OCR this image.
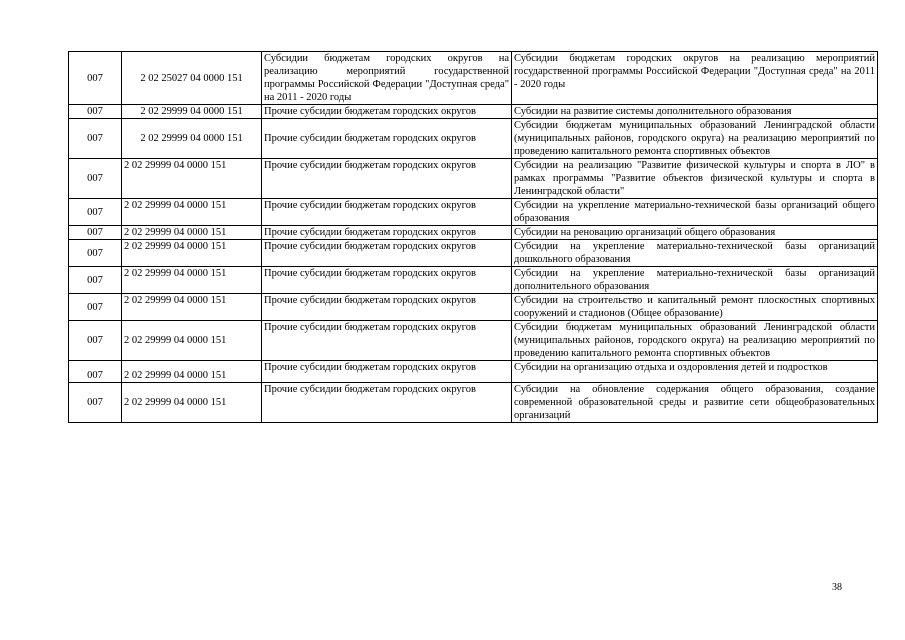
007	2 02 25027 04 0000 151	Субсидии бюджетам городских округов на реализацию мероприятий государственной программы Российской Федерации "Доступная среда" на 2011 - 2020 годы	Субсидии бюджетам городских округов на реализацию мероприятий государственной программы Российской Федерации "Доступная среда" на 2011 - 2020 годы
007	2 02 29999 04 0000 151	Прочие субсидии бюджетам городских округов	Субсидии на развитие системы дополнительного образования
007	2 02 29999 04 0000 151	Прочие субсидии бюджетам городских округов	Субсидии бюджетам муниципальных образований Ленинградской области (муниципальных районов, городского округа) на реализацию мероприятий по проведению капитального ремонта спортивных объектов
007	2 02 29999 04 0000 151	Прочие субсидии бюджетам городских округов	Субсидии на реализацию "Развитие физической культуры и спорта в ЛО" в рамках программы "Развитие объектов физической культуры и спорта в Ленинградской области"
007	2 02 29999 04 0000 151	Прочие субсидии бюджетам городских округов	Субсидии на укрепление материально-технической базы организаций общего образования
007	2 02 29999 04 0000 151	Прочие субсидии бюджетам городских округов	Субсидии на реновацию организаций общего образования
007	2 02 29999 04 0000 151	Прочие субсидии бюджетам городских округов	Субсидии на укрепление материально-технической базы организаций дошкольного образования
007	2 02 29999 04 0000 151	Прочие субсидии бюджетам городских округов	Субсидии на укрепление материально-технической базы организаций дополнительного образования
007	2 02 29999 04 0000 151	Прочие субсидии бюджетам городских округов	Субсидии на строительство и капитальный ремонт плоскостных спортивных сооружений и стадионов (Общее образование)
007	2 02 29999 04 0000 151	Прочие субсидии бюджетам городских округов	Субсидии бюджетам муниципальных образований Ленинградской области (муниципальных районов, городского округа) на реализацию мероприятий по проведению капитального ремонта спортивных объектов
007	2 02 29999 04 0000 151	Прочие субсидии бюджетам городских округов	Субсидии на организацию отдыха и оздоровления детей и подростков
007	2 02 29999 04 0000 151	Прочие субсидии бюджетам городских округов	Субсидии на обновление содержания общего образования, создание современной образовательной среды и развитие сети общеобразовательных организаций
38
